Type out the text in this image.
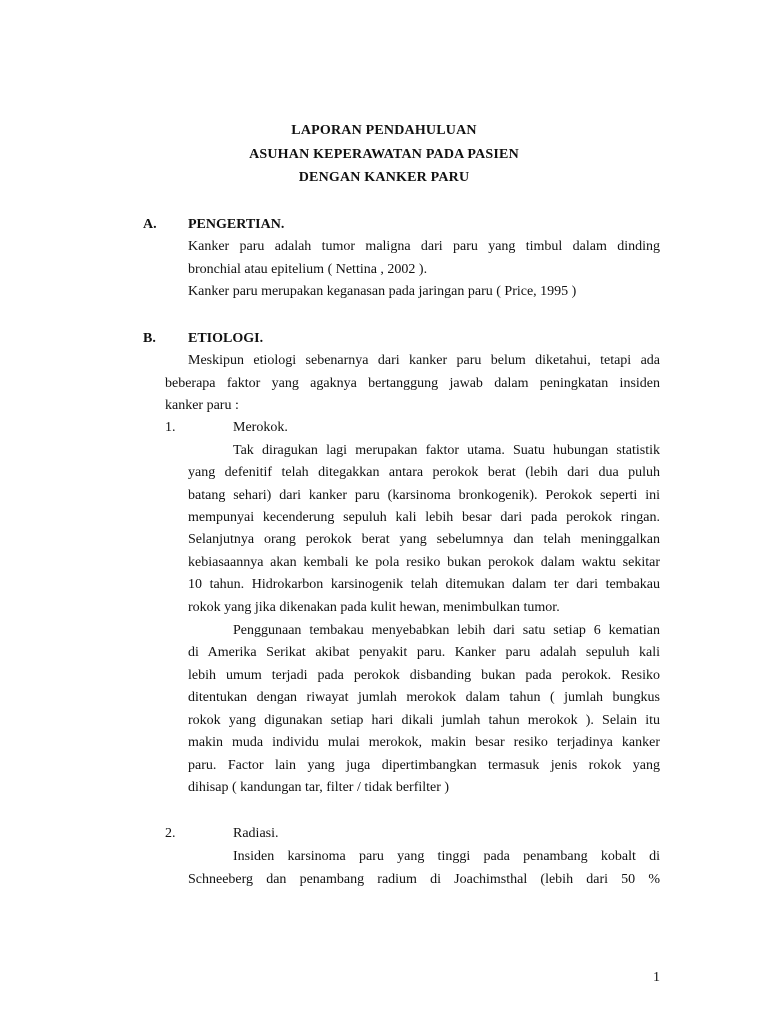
LAPORAN PENDAHULUAN
ASUHAN KEPERAWATAN PADA PASIEN
DENGAN KANKER PARU
A. PENGERTIAN.
Kanker paru adalah tumor maligna dari paru yang timbul dalam dinding
bronchial atau epitelium ( Nettina , 2002 ).
Kanker paru merupakan keganasan pada jaringan paru ( Price, 1995 )
B. ETIOLOGI.
Meskipun etiologi sebenarnya dari kanker paru belum diketahui, tetapi ada
beberapa faktor yang agaknya bertanggung jawab dalam peningkatan insiden
kanker paru :
1.	Merokok.
Tak diragukan lagi merupakan faktor utama. Suatu hubungan statistik
yang defenitif telah ditegakkan antara perokok berat (lebih dari dua puluh
batang sehari) dari kanker paru (karsinoma bronkogenik). Perokok seperti ini
mempunyai kecenderung sepuluh kali lebih besar dari pada perokok ringan.
Selanjutnya orang perokok berat yang sebelumnya dan telah meninggalkan
kebiasaannya akan kembali ke pola resiko bukan perokok dalam waktu sekitar
10 tahun. Hidrokarbon karsinogenik telah ditemukan dalam ter dari tembakau
rokok yang jika dikenakan pada kulit hewan, menimbulkan tumor.
Penggunaan tembakau menyebabkan lebih dari satu setiap 6 kematian
di Amerika Serikat akibat penyakit paru. Kanker paru adalah sepuluh kali
lebih umum terjadi pada perokok disbanding bukan pada perokok. Resiko
ditentukan dengan riwayat jumlah merokok dalam tahun ( jumlah bungkus
rokok yang digunakan setiap hari dikali jumlah tahun merokok ). Selain itu
makin muda individu mulai merokok, makin besar resiko terjadinya kanker
paru. Factor lain yang juga dipertimbangkan termasuk jenis rokok yang
dihisap ( kandungan tar, filter / tidak berfilter )
2.	Radiasi.
Insiden karsinoma paru yang tinggi pada penambang kobalt di
Schneeberg dan penambang radium di Joachimsthal (lebih dari 50 %
1
